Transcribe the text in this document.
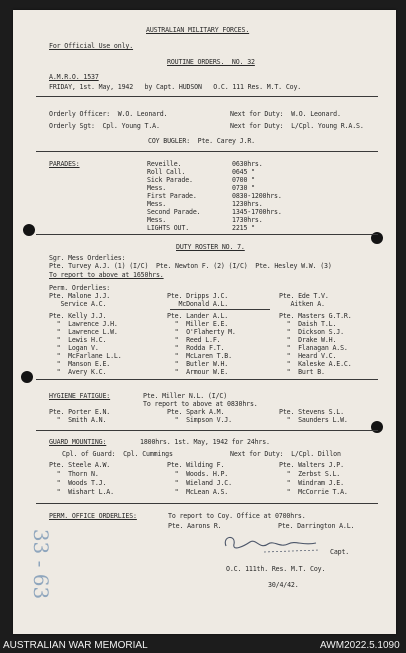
AUSTRALIAN MILITARY FORCES.
For Official Use only.
ROUTINE ORDERS.  NO. 32
A.M.R.O. 1537
FRIDAY, 1st. May, 1942   by Capt. HUDSON   O.C. 111 Res. M.T. Coy.
Orderly Officer:  W.O. Leonard.	Next for Duty:  W.O. Leonard.
Orderly Sgt:  Cpl. Young T.A.	Next for Duty:  L/Cpl. Young R.A.S.
COY BUGLER:  Pte. Carey J.R.
PARADES:	Reveille.	0630hrs.
Roll Call.	0645 "
Sick Parade.	0700 "
Mess.	0730 "
First Parade.	0830-1200hrs.
Mess.	1230hrs.
Second Parade.	1345-1700hrs.
Mess.	1730hrs.
LIGHTS OUT.	2215 "
DUTY ROSTER NO. 7.
Sgr. Mess Orderlies:
Pte. Turvey A.J. (1) (I/C)  Pte. Newton F. (2) (I/C)  Pte. Hesley W.W. (3)
To report to above at 1650hrs.
Perm. Orderlies:
Pte. Malone J.J.	Pte. Dripps J.C.	Pte. Ede T.V.
Service A.C.	McDonald A.L.	Aitken A.
Pte. Kelly J.J.	Pte. Lander A.L.	Pte. Masters G.T.R.
"  Lawrence J.H.	"  Miller E.E.	"  Daish T.L.
"  Lawrence L.W.	"  O'Flaherty M.	"  Dickson S.J.
"  Lewis H.C.	"  Reed L.F.	"  Drake W.H.
"  Logan V.	"  Rodda F.T.	"  Flanagan A.S.
"  McFarlane L.L.	"  McLaren T.B.	"  Heard V.C.
"  Manson E.E.	"  Butler W.H.	"  Kaleske A.E.C.
"  Avery K.C.	"  Armour W.E.	"  Burt B.
HYGIENE FATIGUE:	Pte. Miller N.L. (I/C)
To report to above at 0830hrs.
Pte. Porter E.N.	Pte. Spark A.M.	Pte. Stevens S.L.
"  Smith A.N.	"  Simpson V.J.	"  Saunders L.W.
GUARD MOUNTING:	1800hrs. 1st. May, 1942 for 24hrs.
Cpl. of Guard:  Cpl. Cummings	Next for Duty:  L/Cpl. Dillon
Pte. Steele A.W.	Pte. Wilding F.	Pte. Walters J.P.
"  Thorn N.	"  Woods. H.P.	"  Zerbst S.L.
"  Woods T.J.	"  Wieland J.C.	"  Windram J.E.
"  Wishart L.A.	"  McLean A.S.	"  McCorrie T.A.
PERM. OFFICE ORDERLIES:	To report to Coy. Office at 0700hrs.
Pte. Aarons R.	Pte. Darrington A.L.
Capt.
O.C. 111th. Res. M.T. Coy.
30/4/42.
33 - 63
AUSTRALIAN WAR MEMORIAL	AWM2022.5.1090
